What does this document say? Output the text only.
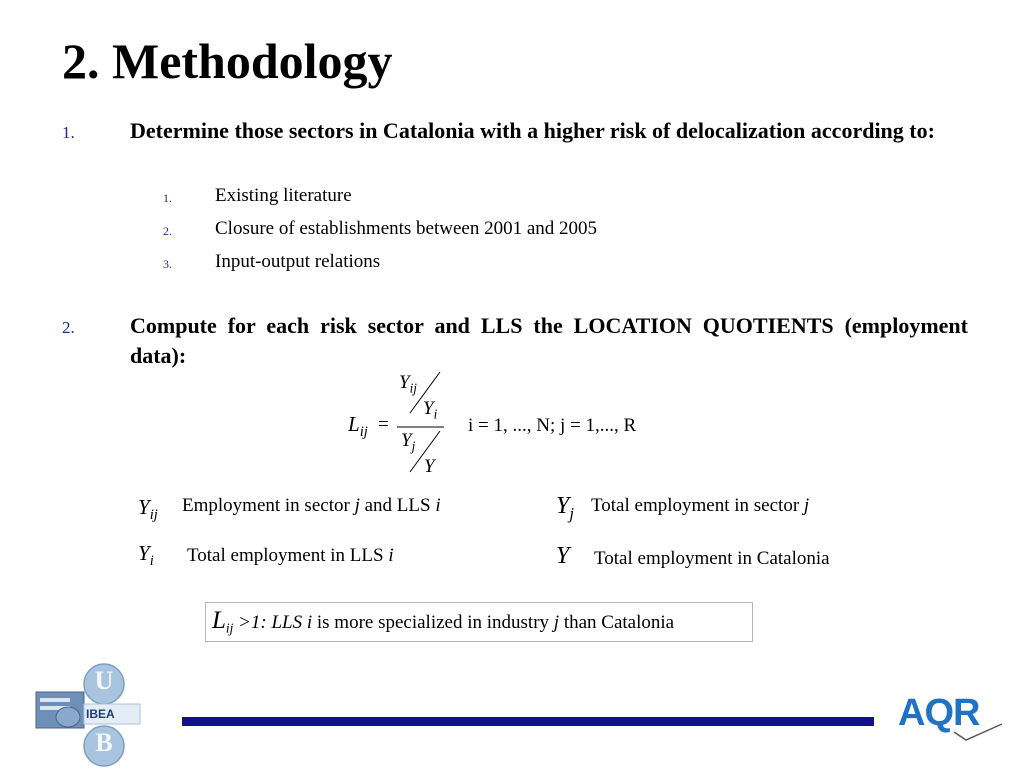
2. Methodology
1.	Determine those sectors in Catalonia with a higher risk of delocalization according to:
1. Existing literature
2. Closure of establishments between 2001 and 2005
3. Input-output relations
2.	Compute for each risk sector and LLS the LOCATION QUOTIENTS (employment data):
$L_{ij}$ =
$Y_{ij}$
$Y_i$
$Y_j$
Y
i = 1, ..., N; j = 1,..., R
$Y_{ij}$ Employment in sector j and LLS i	$Y_j$ Total employment in sector j
$Y_i$ Total employment in LLS i	Y Total employment in Catalonia
$L_{ij} >1$: LLS i is more specialized in industry j than Catalonia
U
IBEA
B
AQR
